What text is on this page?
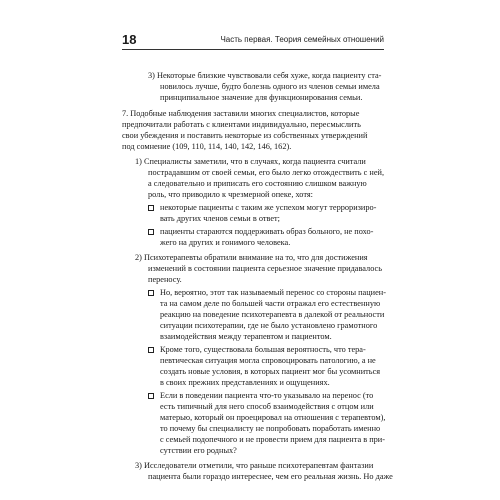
18	Часть первая. Теория семейных отношений
3) Некоторые близкие чувствовали себя хуже, когда пациенту ста-
новилось лучше, будто болезнь одного из членов семьи имела
принципиальное значение для функционирования семьи.
7. Подобные наблюдения заставили многих специалистов, которые
предпочитали работать с клиентами индивидуально, пересмыслить
свои убеждения и поставить некоторые из собственных утверждений
под сомнение (109, 110, 114, 140, 142, 146, 162).
1) Специалисты заметили, что в случаях, когда пациента считали
пострадавшим от своей семьи, его было легко отождествить с ней,
а следовательно и приписать его состоянию слишком важную
роль, что приводило к чрезмерной опеке, хотя:
некоторые пациенты с таким же успехом могут терроризиро-
вать других членов семьи в ответ;
пациенты стараются поддерживать образ больного, не похо-
жего на других и гонимого человека.
2) Психотерапевты обратили внимание на то, что для достижения
изменений в состоянии пациента серьезное значение придавалось
переносу.
Но, вероятно, этот так называемый перенос со стороны пациен-
та на самом деле по большей части отражал его естественную
реакцию на поведение психотерапевта в далекой от реальности
ситуации психотерапии, где не было установлено грамотного
взаимодействия между терапевтом и пациентом.
Кроме того, существовала большая вероятность, что тера-
певтическая ситуация могла спровоцировать патологию, а не
создать новые условия, в которых пациент мог бы усомниться
в своих прежних представлениях и ощущениях.
Если в поведении пациента что-то указывало на перенос (то
есть типичный для него способ взаимодействия с отцом или
матерью, который он проецировал на отношения с терапевтом),
то почему бы специалисту не попробовать поработать именно
с семьей подопечного и не провести прием для пациента в при-
сутствии его родных?
3) Исследователи отметили, что раньше психотерапевтам фантазии
пациента были гораздо интереснее, чем его реальная жизнь. Но даже
